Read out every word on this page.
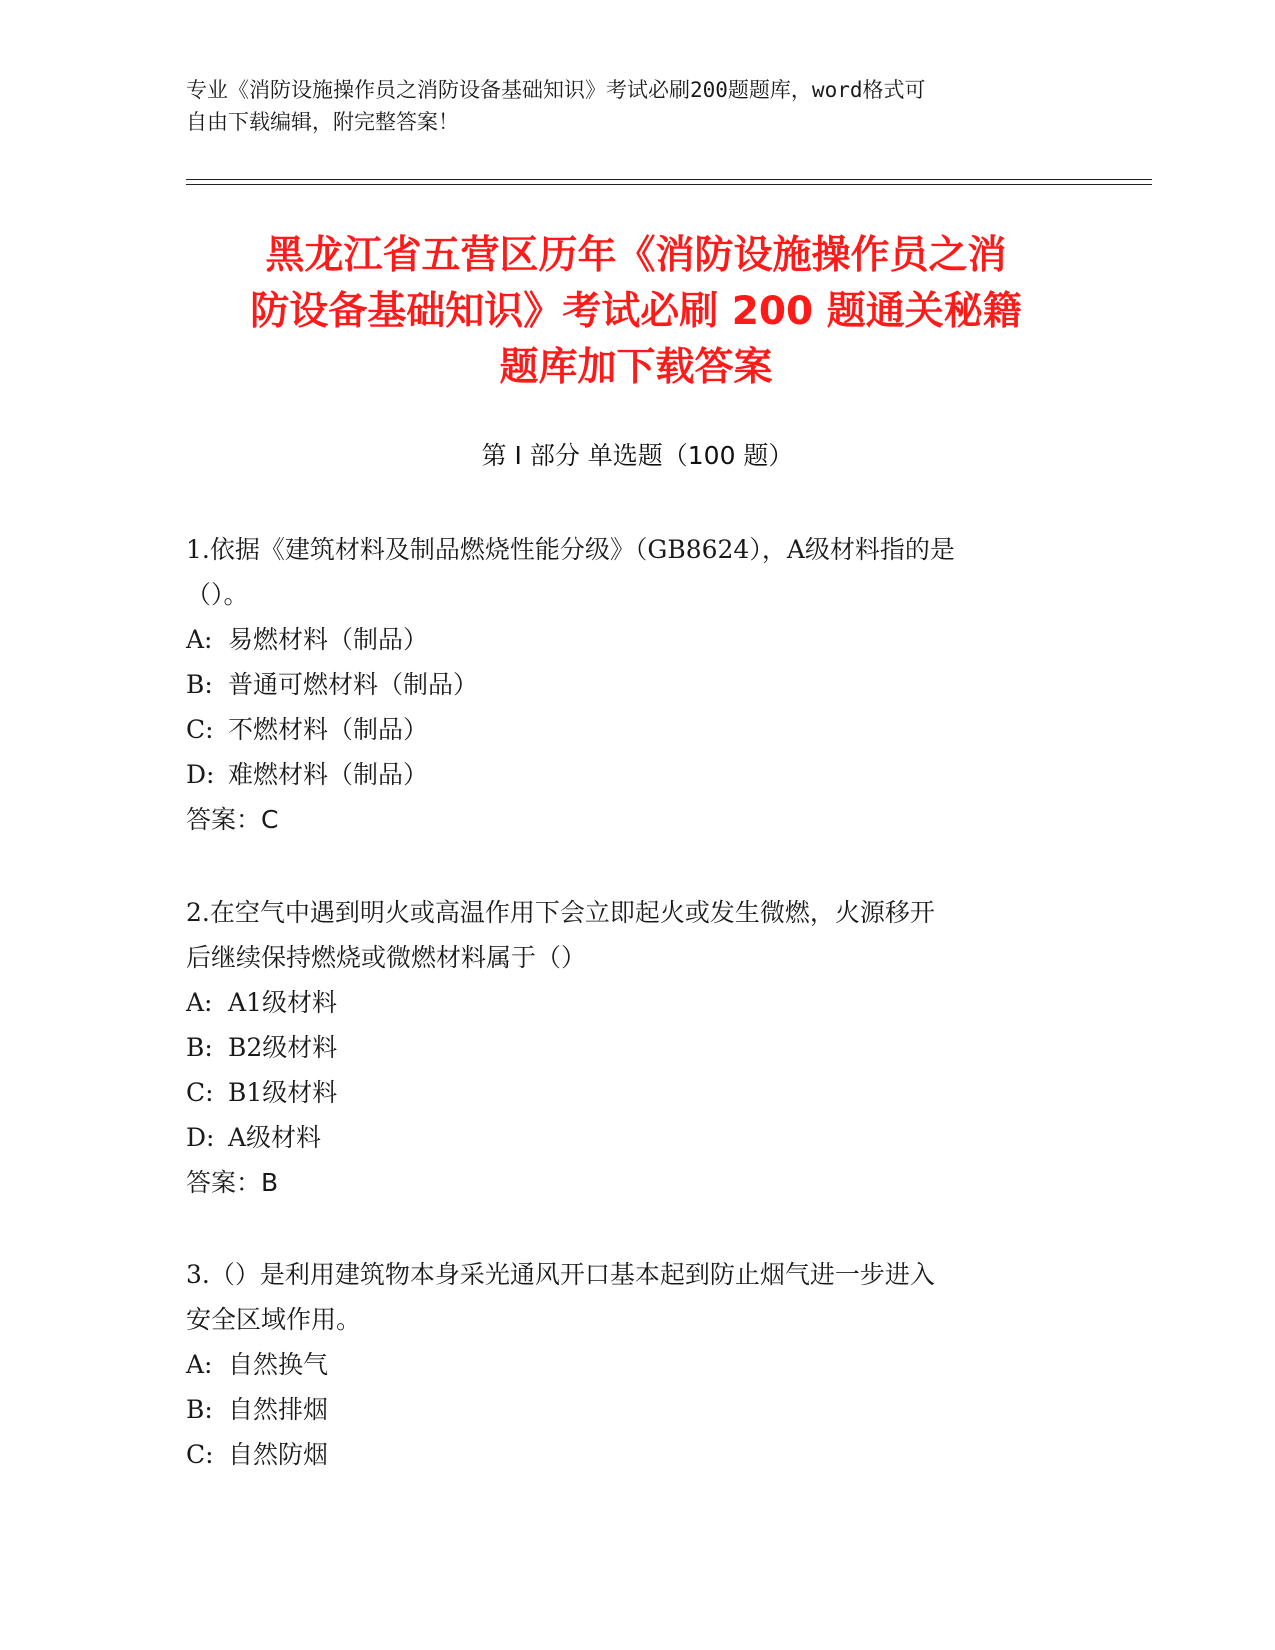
专业《消防设施操作员之消防设备基础知识》考试必刷200题题库，word格式可
自由下载编辑，附完整答案！
黑龙江省五营区历年《消防设施操作员之消
防设备基础知识》考试必刷 200 题通关秘籍
题库加下载答案
第 I 部分 单选题（100 题）
1.依据《建筑材料及制品燃烧性能分级》（GB8624），A级材料指的是
（）。
A: 易燃材料（制品）
B: 普通可燃材料（制品）
C: 不燃材料（制品）
D: 难燃材料（制品）
答案：C
2.在空气中遇到明火或高温作用下会立即起火或发生微燃，火源移开
后继续保持燃烧或微燃材料属于（）
A: A1级材料
B: B2级材料
C: B1级材料
D: A级材料
答案：B
3.（）是利用建筑物本身采光通风开口基本起到防止烟气进一步进入
安全区域作用。
A: 自然换气
B: 自然排烟
C: 自然防烟
